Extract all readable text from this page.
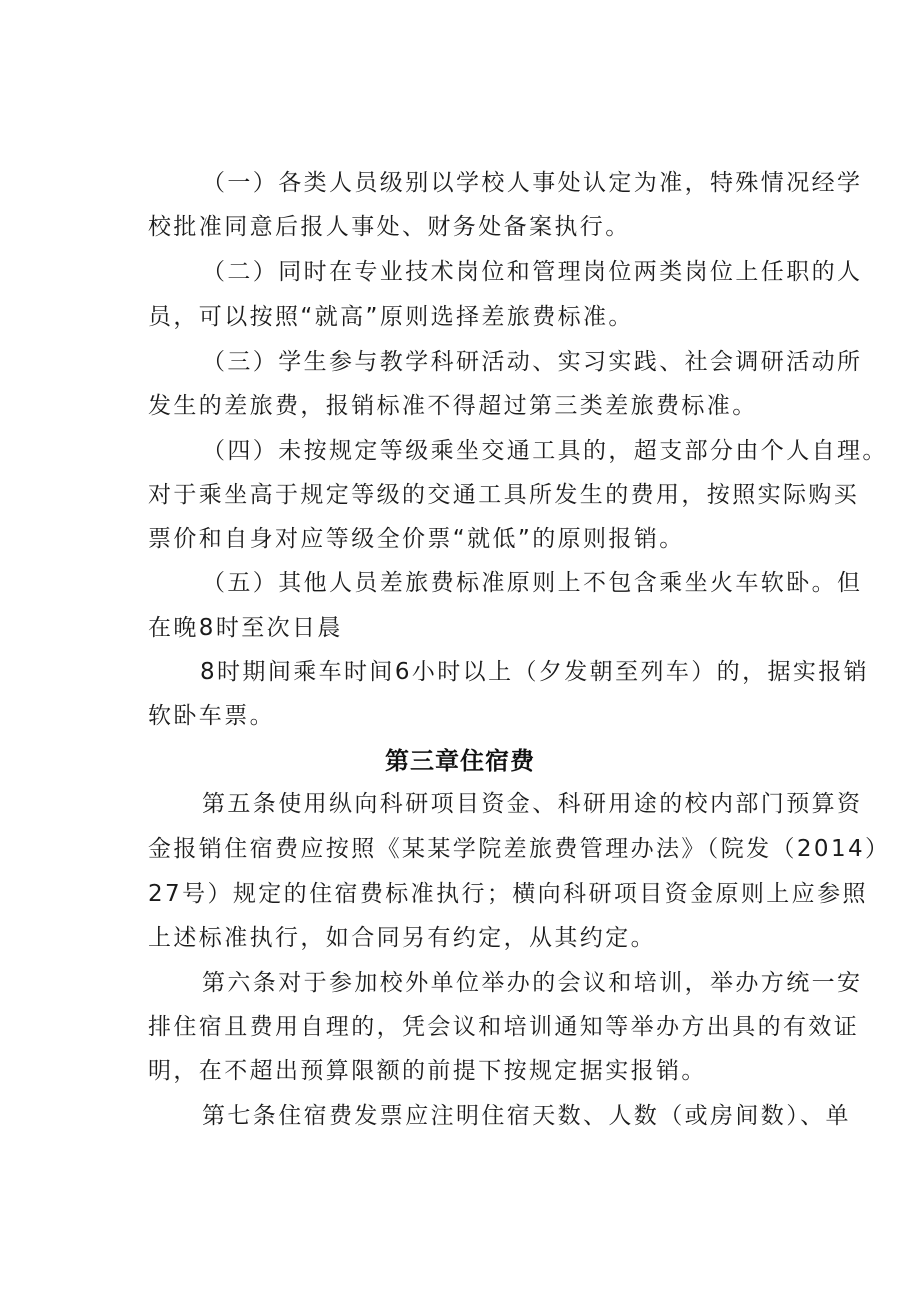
（一）各类人员级别以学校人事处认定为准，特殊情况经学
校批准同意后报人事处、财务处备案执行。
（二）同时在专业技术岗位和管理岗位两类岗位上任职的人
员，可以按照“就高”原则选择差旅费标准。
（三）学生参与教学科研活动、实习实践、社会调研活动所
发生的差旅费，报销标准不得超过第三类差旅费标准。
（四）未按规定等级乘坐交通工具的，超支部分由个人自理。
对于乘坐高于规定等级的交通工具所发生的费用，按照实际购买
票价和自身对应等级全价票“就低”的原则报销。
（五）其他人员差旅费标准原则上不包含乘坐火车软卧。但
在晚8时至次日晨
8时期间乘车时间6小时以上（夕发朝至列车）的，据实报销
软卧车票。
第三章住宿费
第五条使用纵向科研项目资金、科研用途的校内部门预算资
金报销住宿费应按照《某某学院差旅费管理办法》（院发（2014）
27号）规定的住宿费标准执行；横向科研项目资金原则上应参照
上述标准执行，如合同另有约定，从其约定。
第六条对于参加校外单位举办的会议和培训，举办方统一安
排住宿且费用自理的，凭会议和培训通知等举办方出具的有效证
明，在不超出预算限额的前提下按规定据实报销。
第七条住宿费发票应注明住宿天数、人数（或房间数）、单
